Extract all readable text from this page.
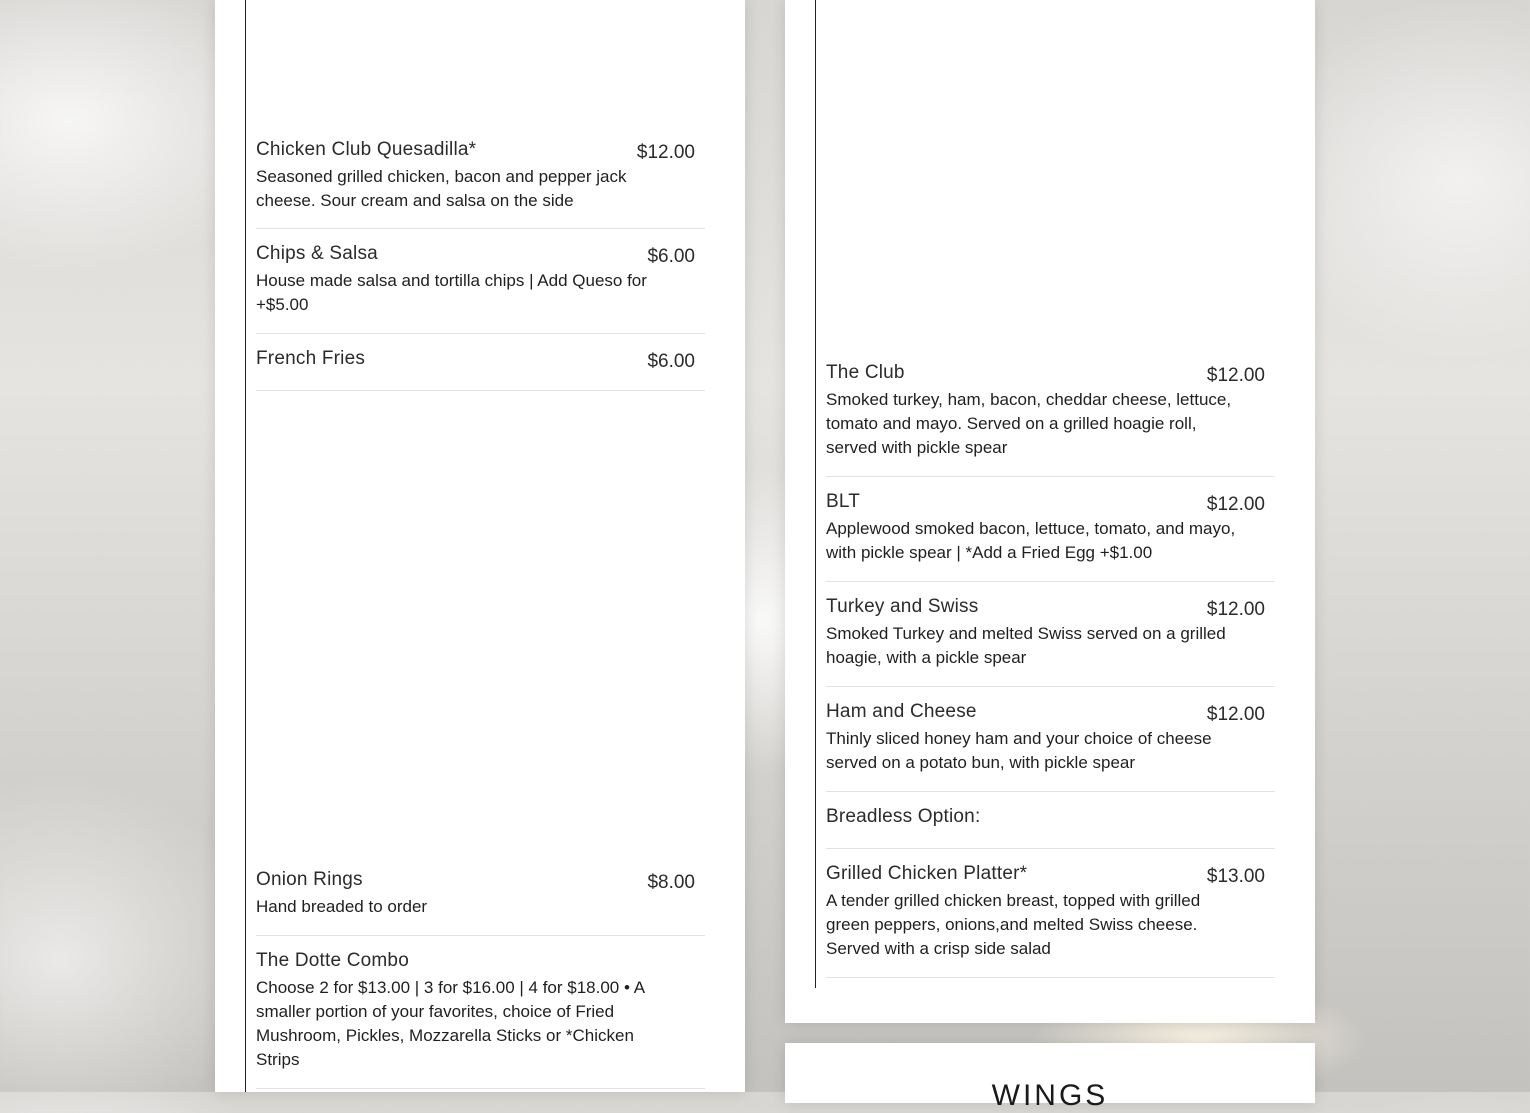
Chicken Club Quesadilla*	$12.00
Seasoned grilled chicken, bacon and pepper jack cheese. Sour cream and salsa on the side
Chips & Salsa	$6.00
House made salsa and tortilla chips | Add Queso for +$5.00
French Fries	$6.00
Onion Rings	$8.00
Hand breaded to order
The Dotte Combo
Choose 2 for $13.00 | 3 for $16.00 | 4 for $18.00 • A smaller portion of your favorites, choice of Fried Mushroom, Pickles, Mozzarella Sticks or *Chicken Strips
The Club	$12.00
Smoked turkey, ham, bacon, cheddar cheese, lettuce, tomato and mayo. Served on a grilled hoagie roll, served with pickle spear
BLT	$12.00
Applewood smoked bacon, lettuce, tomato, and mayo, with pickle spear | *Add a Fried Egg +$1.00
Turkey and Swiss	$12.00
Smoked Turkey and melted Swiss served on a grilled hoagie, with a pickle spear
Ham and Cheese	$12.00
Thinly sliced honey ham and your choice of cheese served on a potato bun, with pickle spear
Breadless Option:
Grilled Chicken Platter*	$13.00
A tender grilled chicken breast, topped with grilled green peppers, onions,and melted Swiss cheese. Served with a crisp side salad
WINGS
